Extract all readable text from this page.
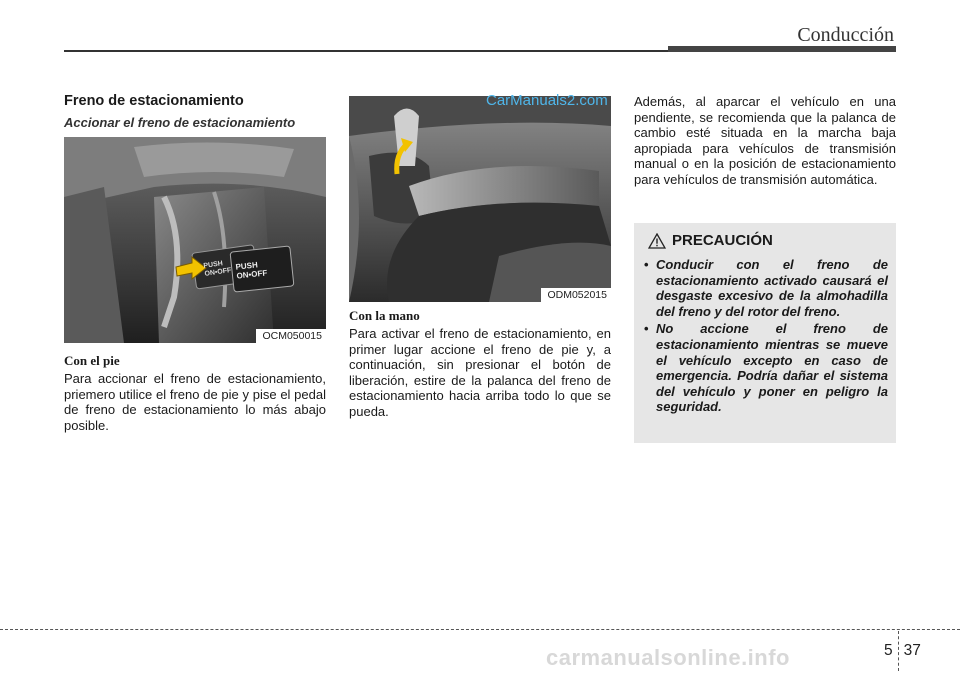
Conducción
Freno de estacionamiento
Accionar el freno de estacionamiento
PUSH
ON•OFF
PUSH
ON•OFF
OCM050015
ODM052015
CarManuals2.com
Con el pie

Para accionar el freno de estacionamiento, priemero utilice el freno de pie y pise el pedal de freno de estacionamiento lo más abajo posible.

Con la mano

Para activar el freno de estacionamiento, en primer lugar accione el freno de pie y, a continuación, sin presionar el botón de liberación, estire de la palanca del freno de estacionamiento hacia arriba todo lo que se pueda.

Además, al aparcar el vehículo en una pendiente, se recomienda que la palanca de cambio esté situada en la marcha baja apropiada para vehículos de transmisión manual o en la posición de estacionamiento para vehículos de transmisión automática.

PRECAUCIÓN
• Conducir con el freno de estacionamiento activado causará el desgaste excesivo de la almohadilla del freno y del rotor del freno.
• No accione el freno de estacionamiento mientras se mueve el vehículo excepto en caso de emergencia. Podría dañar el sistema del vehículo y poner en peligro la seguridad.
5 37
carmanualsonline.info
